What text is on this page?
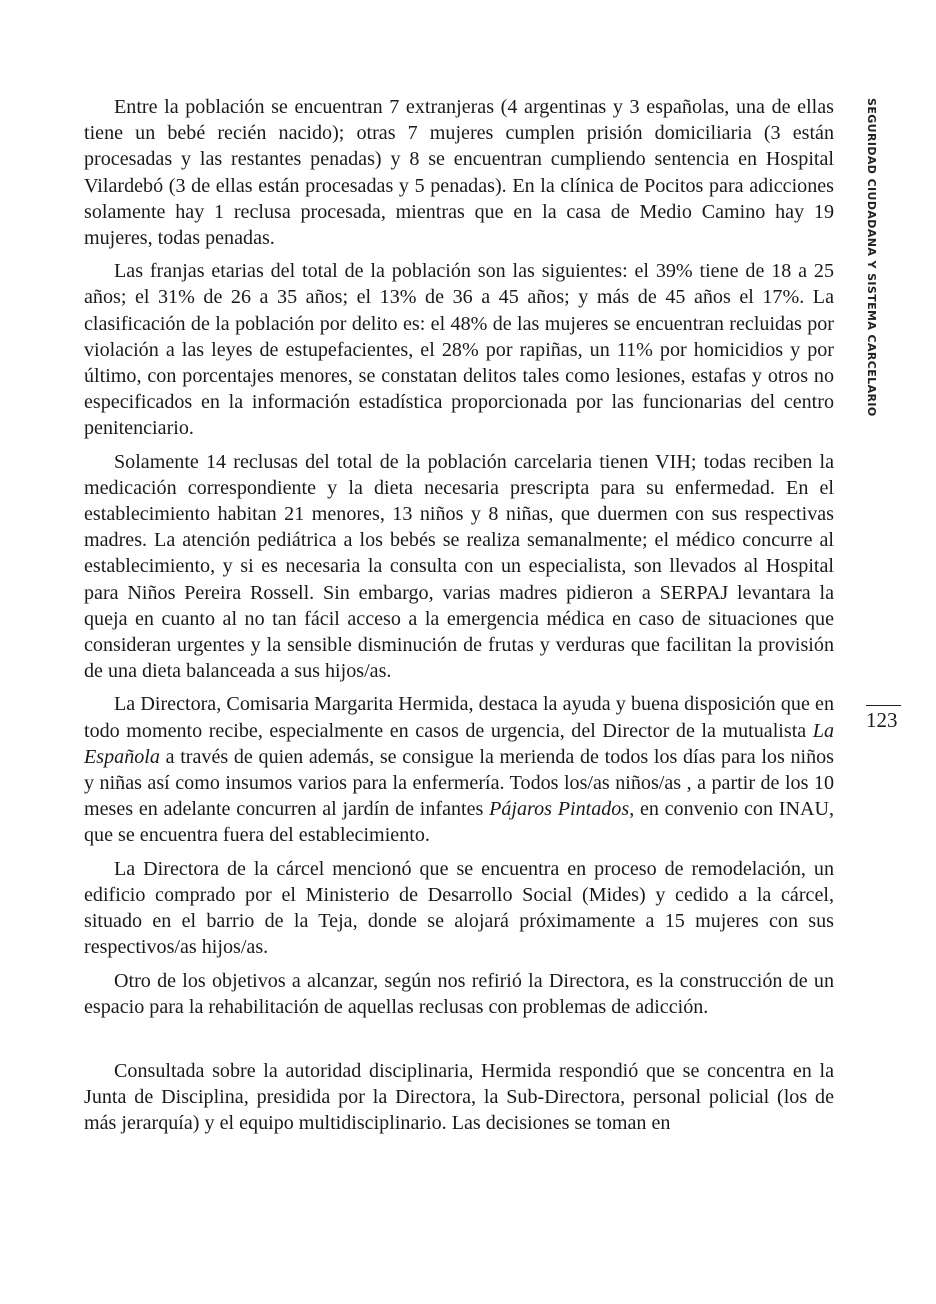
Entre la población se encuentran 7 extranjeras (4 argentinas y 3 españolas, una de ellas tiene un bebé recién nacido); otras 7 mujeres cumplen prisión domiciliaria (3 están procesadas y las restantes penadas) y 8 se encuentran cumpliendo sentencia en Hospital Vilardebó (3 de ellas están procesadas y 5 penadas). En la clínica de Pocitos para adicciones solamente hay 1 reclusa procesada, mientras que en la casa de Medio Camino hay 19 mujeres, todas penadas.

Las franjas etarias del total de la población son las siguientes: el 39% tiene de 18 a 25 años; el 31% de 26 a 35 años; el 13% de 36 a 45 años; y más de 45 años el 17%. La clasificación de la población por delito es: el 48% de las mujeres se encuentran recluidas por violación a las leyes de estupefacientes, el 28% por rapiñas, un 11% por homicidios y por último, con porcentajes menores, se constatan delitos tales como lesiones, estafas y otros no especificados en la información estadística proporcionada por las funcionarias del centro penitenciario.

Solamente 14 reclusas del total de la población carcelaria tienen VIH; todas reciben la medicación correspondiente y la dieta necesaria prescripta para su enfermedad. En el establecimiento habitan 21 menores, 13 niños y 8 niñas, que duermen con sus respectivas madres. La atención pediátrica a los bebés se realiza semanalmente; el médico concurre al establecimiento, y si es necesaria la consulta con un especialista, son llevados al Hospital para Niños Pereira Rossell. Sin embargo, varias madres pidieron a SERPAJ levantara la queja en cuanto al no tan fácil acceso a la emergencia médica en caso de situaciones que consideran urgentes y la sensible disminución de frutas y verduras que facilitan la provisión de una dieta balanceada a sus hijos/as.

La Directora, Comisaria Margarita Hermida, destaca la ayuda y buena disposición que en todo momento recibe, especialmente en casos de urgencia, del Director de la mutualista La Española a través de quien además, se consigue la merienda de todos los días para los niños y niñas así como insumos varios para la enfermería. Todos los/as niños/as , a partir de los 10 meses en adelante concurren al jardín de infantes Pájaros Pintados, en convenio con INAU, que se encuentra fuera del establecimiento.

La Directora de la cárcel mencionó que se encuentra en proceso de remodelación, un edificio comprado por el Ministerio de Desarrollo Social (Mides) y cedido a la cárcel, situado en el barrio de la Teja, donde se alojará próximamente a 15 mujeres con sus respectivos/as hijos/as.

Otro de los objetivos a alcanzar, según nos refirió la Directora, es la construcción de un espacio para la rehabilitación de aquellas reclusas con problemas de adicción.

Consultada sobre la autoridad disciplinaria, Hermida respondió que se concentra en la Junta de Disciplina, presidida por la Directora, la Sub-Directora, personal policial (los de más jerarquía) y el equipo multidisciplinario. Las decisiones se toman en

SEGURIDAD CIUDADANA Y SISTEMA CARCELARIO
123
